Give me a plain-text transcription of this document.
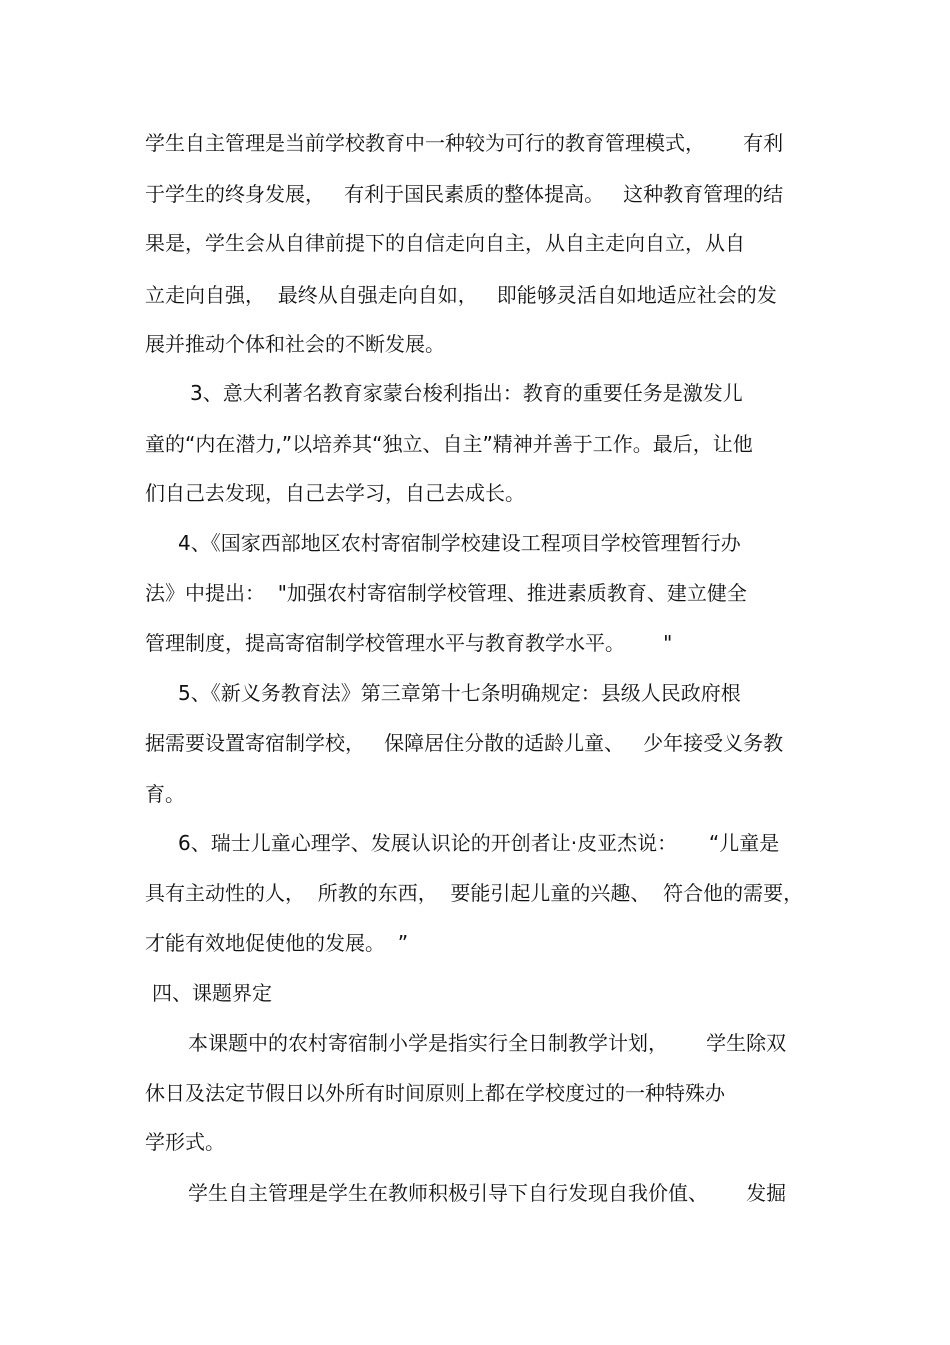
学生自主管理是当前学校教育中一种较为可行的教育管理模式，      有利
于学生的终身发展，   有利于国民素质的整体提高。   这种教育管理的结
果是，学生会从自律前提下的自信走向自主，从自主走向自立，从自
立走向自强，  最终从自强走向自如，   即能够灵活自如地适应社会的发
展并推动个体和社会的不断发展。
3、意大利著名教育家蒙台梭利指出：教育的重要任务是激发儿
童的“内在潜力,”以培养其“独立、自主”精神并善于工作。最后，让他
们自己去发现，自己去学习，自己去成长。
4、《国家西部地区农村寄宿制学校建设工程项目学校管理暂行办
法》中提出：  "加强农村寄宿制学校管理、推进素质教育、建立健全
管理制度，提高寄宿制学校管理水平与教育教学水平。      "
5、《新义务教育法》第三章第十七条明确规定：县级人民政府根
据需要设置寄宿制学校，   保障居住分散的适龄儿童、   少年接受义务教
育。
6、瑞士儿童心理学、发展认识论的开创者让·皮亚杰说：     “儿童是
具有主动性的人，  所教的东西，  要能引起儿童的兴趣、  符合他的需要，
才能有效地促使他的发展。  ”
四、课题界定
本课题中的农村寄宿制小学是指实行全日制教学计划，      学生除双
休日及法定节假日以外所有时间原则上都在学校度过的一种特殊办
学形式。
学生自主管理是学生在教师积极引导下自行发现自我价值、      发掘
